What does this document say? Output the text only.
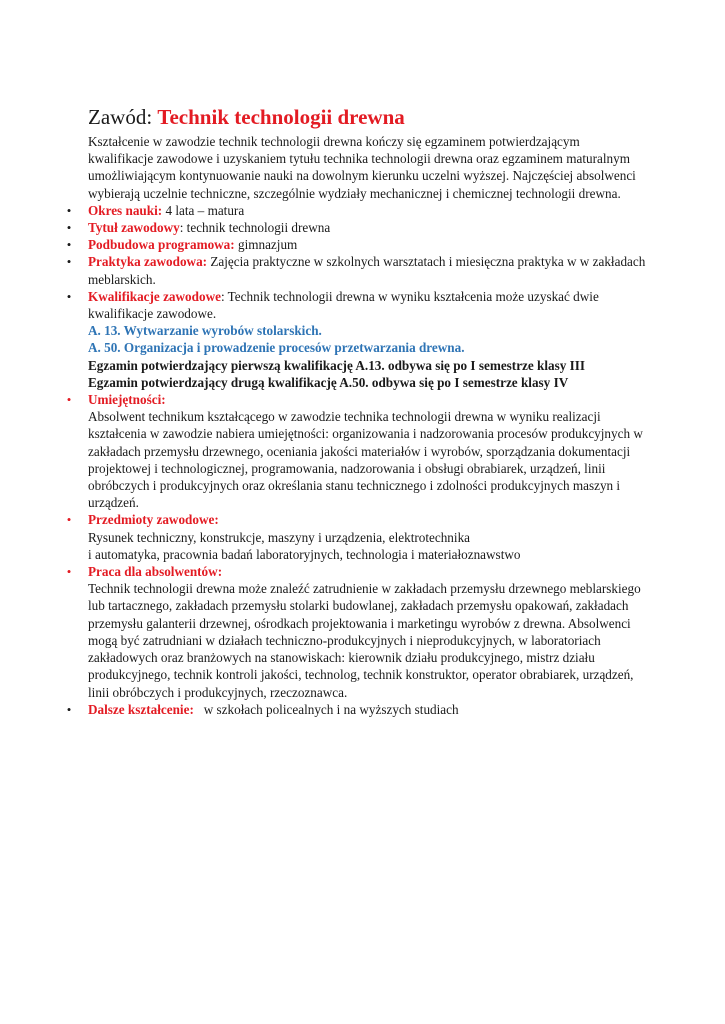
Zawód: Technik technologii drewna

Kształcenie w zawodzie technik technologii drewna kończy się egzaminem potwierdzającym kwalifikacje zawodowe i uzyskaniem tytułu technika technologii drewna oraz egzaminem maturalnym umożliwiającym kontynuowanie nauki na dowolnym kierunku uczelni wyższej. Najczęściej absolwenci wybierają uczelnie techniczne, szczególnie wydziały mechanicznej i chemicznej technologii drewna.

• Okres nauki: 4 lata – matura
• Tytuł zawodowy: technik technologii drewna
• Podbudowa programowa: gimnazjum
• Praktyka zawodowa: Zajęcia praktyczne w szkolnych warsztatach i miesięczna praktyka w w zakładach meblarskich.
• Kwalifikacje zawodowe: Technik technologii drewna w wyniku kształcenia może uzyskać dwie kwalifikacje zawodowe.
A. 13. Wytwarzanie wyrobów stolarskich.
A. 50. Organizacja i prowadzenie procesów przetwarzania drewna.
Egzamin potwierdzający pierwszą kwalifikację A.13. odbywa się po I semestrze klasy III
Egzamin potwierdzający drugą kwalifikację A.50. odbywa się po I semestrze klasy IV
• Umiejętności:
Absolwent technikum kształcącego w zawodzie technika technologii drewna w wyniku realizacji kształcenia w zawodzie nabiera umiejętności: organizowania i nadzorowania procesów produkcyjnych w zakładach przemysłu drzewnego, oceniania jakości materiałów i wyrobów, sporządzania dokumentacji projektowej i technologicznej, programowania, nadzorowania i obsługi obrabiarek, urządzeń, linii obróbczych i produkcyjnych oraz określania stanu technicznego i zdolności produkcyjnych maszyn i urządzeń.
• Przedmioty zawodowe:
Rysunek techniczny, konstrukcje, maszyny i urządzenia, elektrotechnika
i automatyka, pracownia badań laboratoryjnych, technologia i materiałoznawstwo
• Praca dla absolwentów:
Technik technologii drewna może znaleźć zatrudnienie w zakładach przemysłu drzewnego meblarskiego lub tartacznego, zakładach przemysłu stolarki budowlanej, zakładach przemysłu opakowań, zakładach przemysłu galanterii drzewnej, ośrodkach projektowania i marketingu wyrobów z drewna. Absolwenci mogą być zatrudniani w działach techniczno-produkcyjnych i nieprodukcyjnych, w laboratoriach zakładowych oraz branżowych na stanowiskach: kierownik działu produkcyjnego, mistrz działu produkcyjnego, technik kontroli jakości, technolog, technik konstruktor, operator obrabiarek, urządzeń, linii obróbczych i produkcyjnych, rzeczoznawca.
• Dalsze kształcenie:   w szkołach policealnych i na wyższych studiach
